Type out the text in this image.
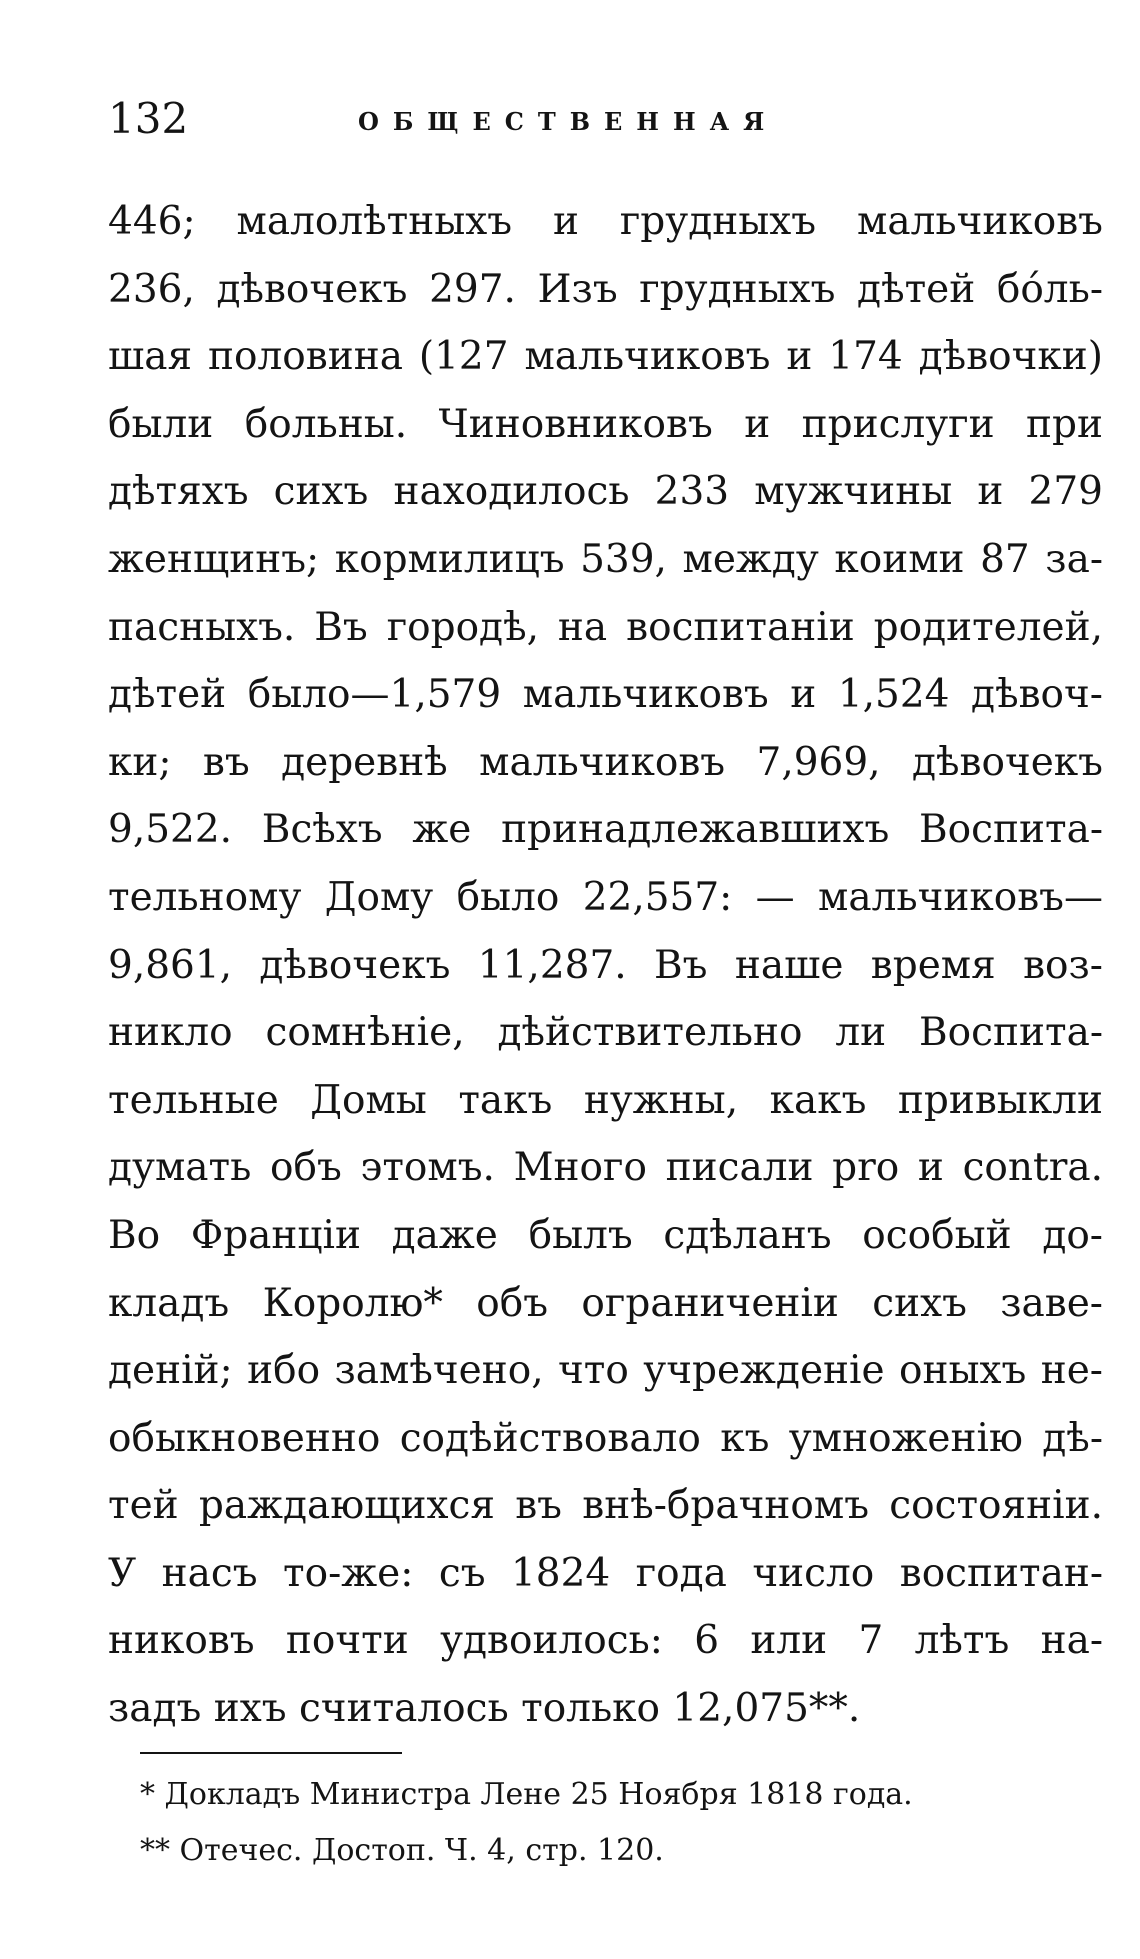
132	ОБЩЕСТВЕННАЯ
446; малолѣтныхъ и грудныхъ мальчиковъ
236, дѣвочекъ 297. Изъ грудныхъ дѣтей бóль-
шая половина (127 мальчиковъ и 174 дѣвочки)
были больны. Чиновниковъ и прислуги при
дѣтяхъ сихъ находилось 233 мужчины и 279
женщинъ; кормилицъ 539, между коими 87 за-
пасныхъ. Въ городѣ, на воспитаніи родителей,
дѣтей было—1,579 мальчиковъ и 1,524 дѣвоч-
ки; въ деревнѣ мальчиковъ 7,969, дѣвочекъ
9,522. Всѣхъ же принадлежавшихъ Воспита-
тельному Дому было 22,557: — мальчиковъ—
9,861, дѣвочекъ 11,287. Въ наше время воз-
никло сомнѣніе, дѣйствительно ли Воспита-
тельные Домы такъ нужны, какъ привыкли
думать объ этомъ. Много писали pro и contra.
Во Франціи даже былъ сдѣланъ особый до-
кладъ Королю* объ ограниченіи сихъ заве-
деній; ибо замѣчено, что учрежденіе оныхъ не-
обыкновенно содѣйствовало къ умноженію дѣ-
тей раждающихся въ внѣ-брачномъ состояніи.
У насъ то-же: съ 1824 года число воспитан-
никовъ почти удвоилось: 6 или 7 лѣтъ на-
задъ ихъ считалось только 12,075**.
* Докладъ Министра Лене 25 Ноября 1818 года.
** Отечес. Достоп. Ч. 4, стр. 120.
